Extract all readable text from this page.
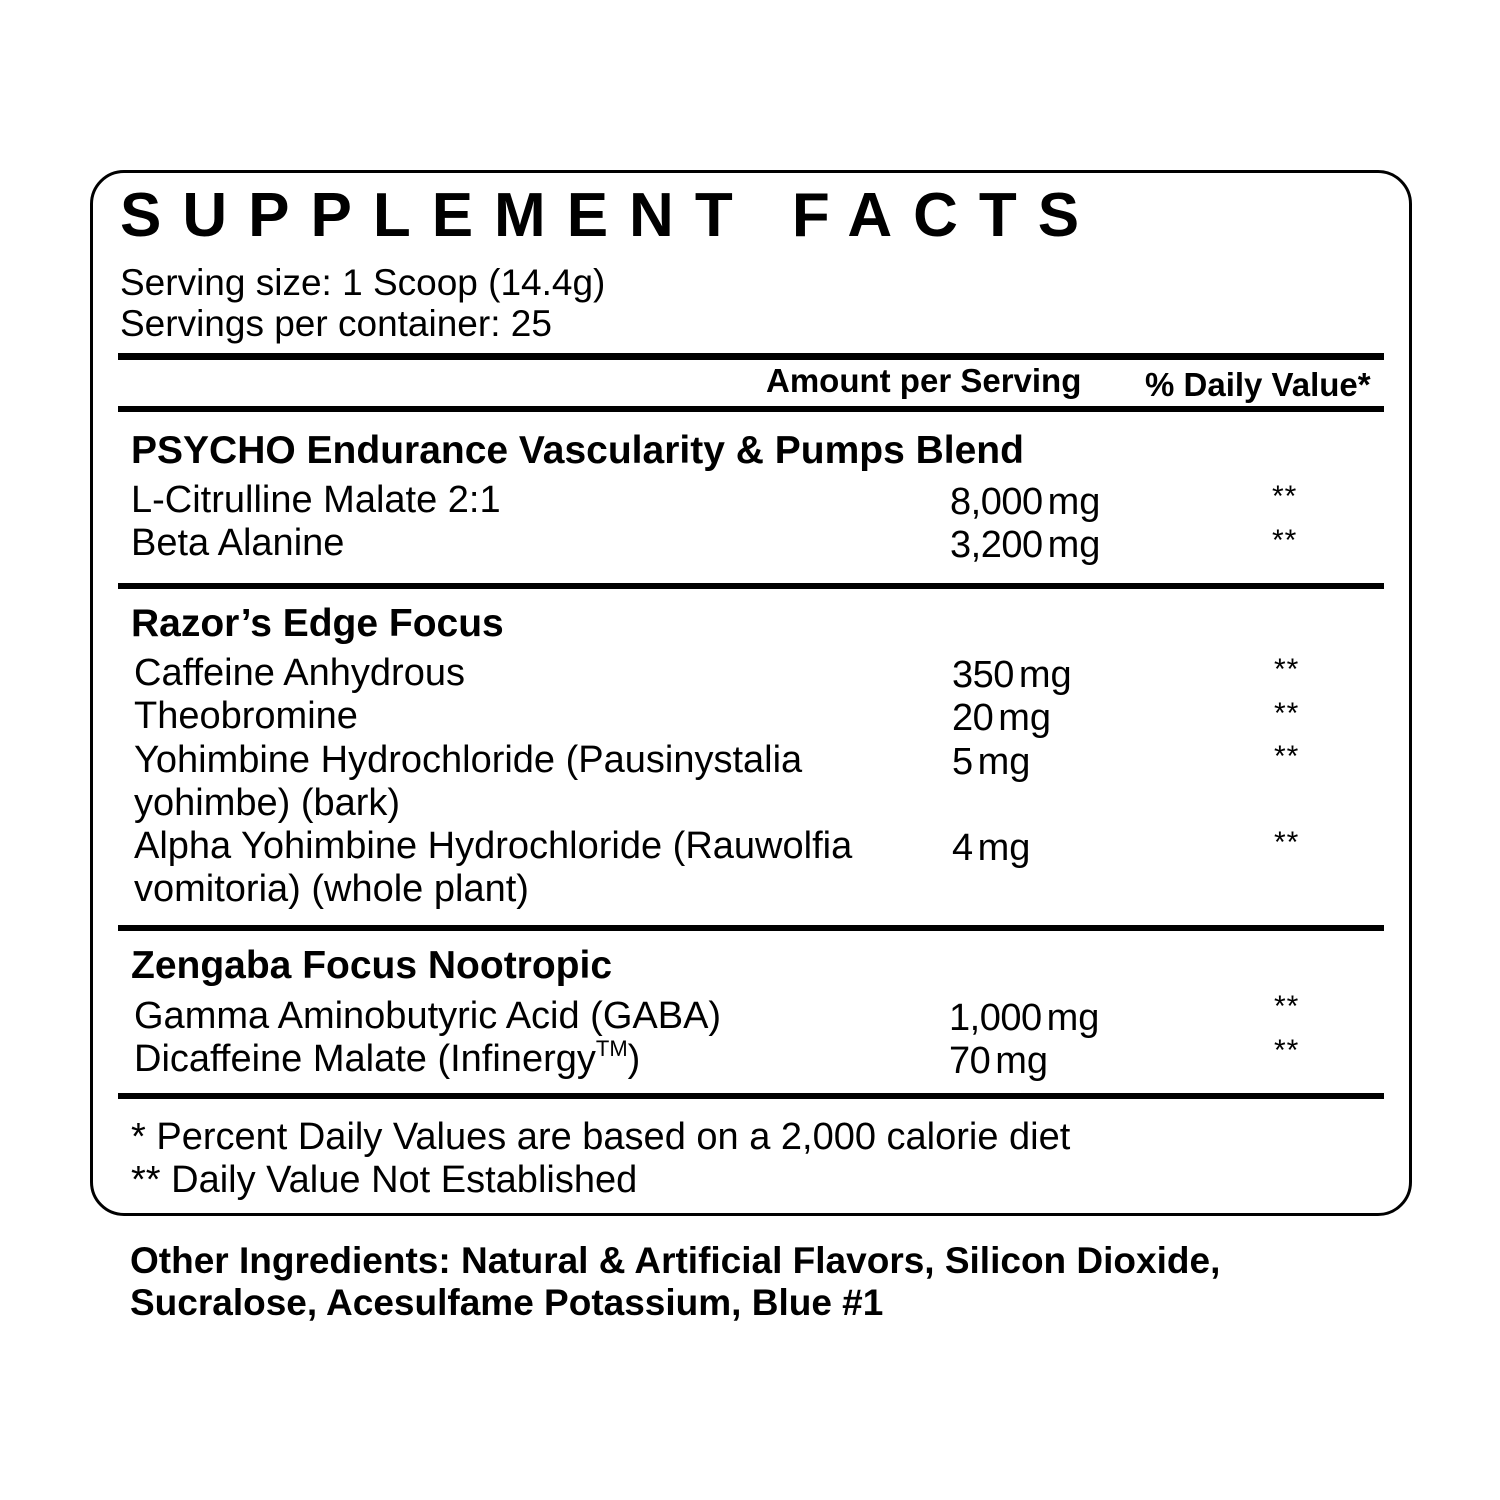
SUPPLEMENT FACTS
Serving size: 1 Scoop (14.4g)
Servings per container: 25
Amount per Serving % Daily Value*
PSYCHO Endurance Vascularity & Pumps Blend
L-Citrulline Malate 2:1	8,000 mg	**
Beta Alanine	3,200 mg	**
Razor’s Edge Focus
Caffeine Anhydrous	350 mg	**
Theobromine	20 mg	**
Yohimbine Hydrochloride (Pausinystalia
yohimbe) (bark)
5 mg	**
Alpha Yohimbine Hydrochloride (Rauwolfia
vomitoria) (whole plant)
4 mg	**
Zengaba Focus Nootropic
Gamma Aminobutyric Acid (GABA)	1,000 mg	**
Dicaffeine Malate (Infinergy™)	70 mg	**
* Percent Daily Values are based on a 2,000 calorie diet
** Daily Value Not Established
Other Ingredients: Natural & Artificial Flavors, Silicon Dioxide,
Sucralose, Acesulfame Potassium, Blue #1
